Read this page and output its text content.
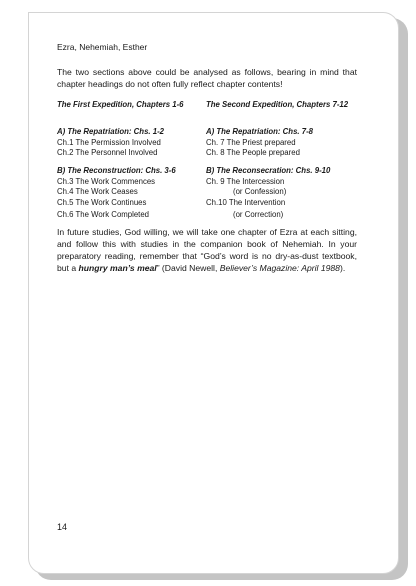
Ezra, Nehemiah, Esther

The two sections above could be analysed as follows, bearing in mind that chapter headings do not often fully reflect chapter contents!

The First Expedition, Chapters 1-6	The Second Expedition, Chapters 7-12
A) The Repatriation: Chs. 1-2
Ch.1 The Permission Involved
Ch.2 The Personnel Involved
B) The Reconstruction: Chs. 3-6
Ch.3 The Work Commences
Ch.4 The Work Ceases
Ch.5 The Work Continues
Ch.6 The Work Completed
A) The Repatriation: Chs. 7-8
Ch. 7 The Priest prepared
Ch. 8 The People prepared
B) The Reconsecration: Chs. 9-10
Ch. 9 The Intercession
(or Confession)
Ch.10 The Intervention
(or Correction)

In future studies, God willing, we will take one chapter of Ezra at each sitting, and follow this with studies in the companion book of Nehemiah. In your preparatory reading, remember that “God’s word is no dry-as-dust textbook, but a hungry man’s meal” (David Newell, Believer’s Magazine: April 1988).

14
